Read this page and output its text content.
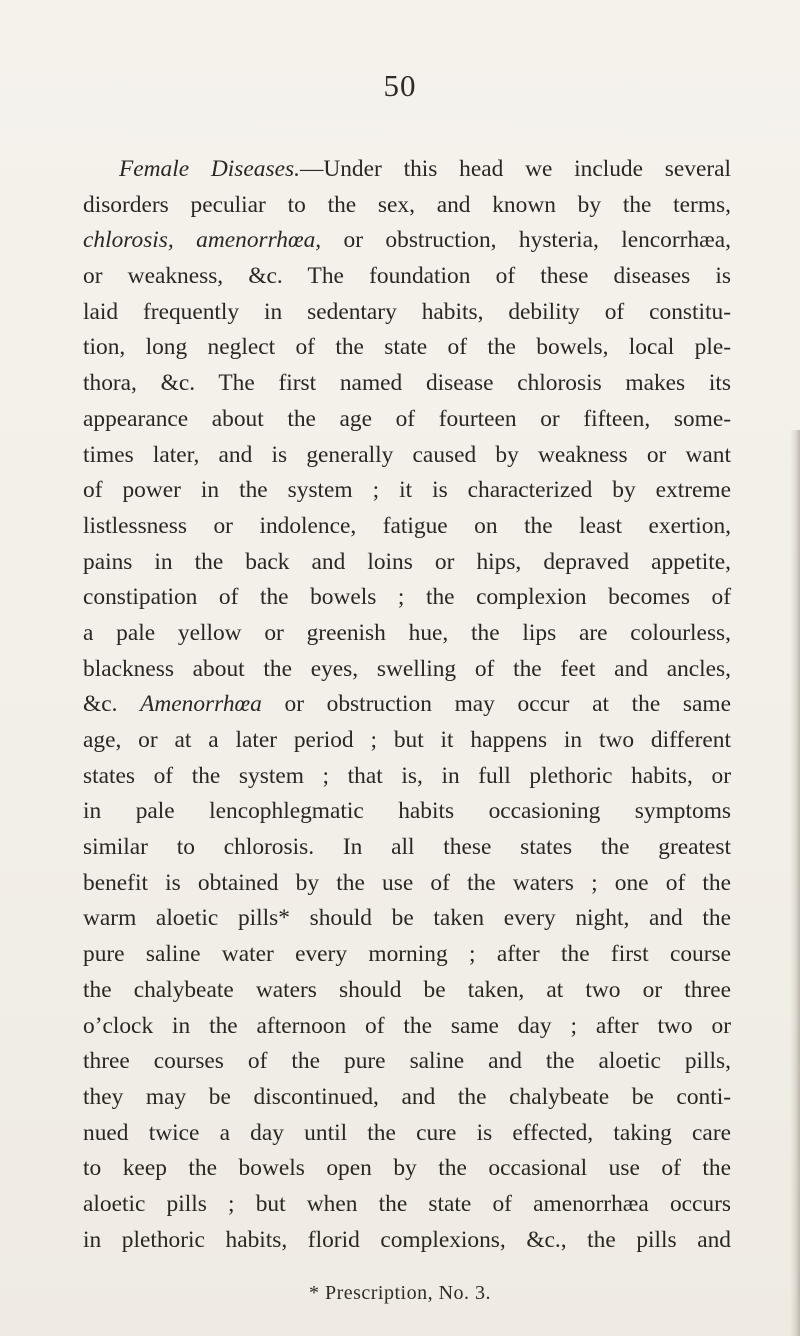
50
Female Diseases.—Under this head we include several
disorders peculiar to the sex, and known by the terms,
chlorosis, amenorrhœa, or obstruction, hysteria, lencorrhæa,
or weakness, &c. The foundation of these diseases is
laid frequently in sedentary habits, debility of constitu-
tion, long neglect of the state of the bowels, local ple-
thora, &c. The first named disease chlorosis makes its
appearance about the age of fourteen or fifteen, some-
times later, and is generally caused by weakness or want
of power in the system ; it is characterized by extreme
listlessness or indolence, fatigue on the least exertion,
pains in the back and loins or hips, depraved appetite,
constipation of the bowels ; the complexion becomes of
a pale yellow or greenish hue, the lips are colourless,
blackness about the eyes, swelling of the feet and ancles,
&c. Amenorrhœa or obstruction may occur at the same
age, or at a later period ; but it happens in two different
states of the system ; that is, in full plethoric habits, or
in pale lencophlegmatic habits occasioning symptoms
similar to chlorosis. In all these states the greatest
benefit is obtained by the use of the waters ; one of the
warm aloetic pills* should be taken every night, and the
pure saline water every morning ; after the first course
the chalybeate waters should be taken, at two or three
o’clock in the afternoon of the same day ; after two or
three courses of the pure saline and the aloetic pills,
they may be discontinued, and the chalybeate be conti-
nued twice a day until the cure is effected, taking care
to keep the bowels open by the occasional use of the
aloetic pills ; but when the state of amenorrhæa occurs
in plethoric habits, florid complexions, &c., the pills and
* Prescription, No. 3.
